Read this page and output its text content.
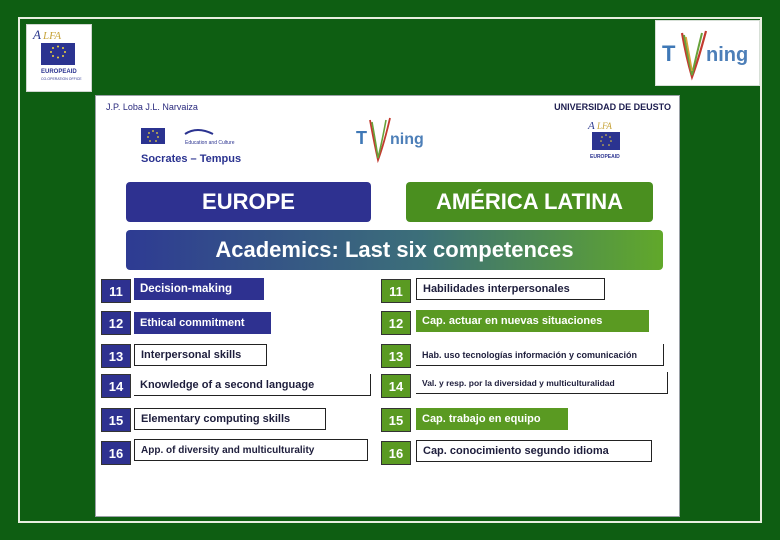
A LFA
EUROPEAID
CO-OPERATION OFFICE
T ning
J.P. Loba J.L. Narvaiza	UNIVERSIDAD DE DEUSTO
Education and Culture
Socrates – Tempus
T ning
A LFA
EUROPEAID
EUROPE	AMÉRICA LATINA
Academics: Last six competences
11	Decision-making
12	Ethical commitment
13	Interpersonal skills
14	Knowledge of a second language
15	Elementary computing skills
16	App. of diversity and multiculturality
11	Habilidades interpersonales
12	Cap. actuar en nuevas situaciones
13	Hab. uso tecnologías información y comunicación
14	Val. y resp. por la diversidad y multiculturalidad
15	Cap. trabajo en equipo
16	Cap. conocimiento segundo idioma
